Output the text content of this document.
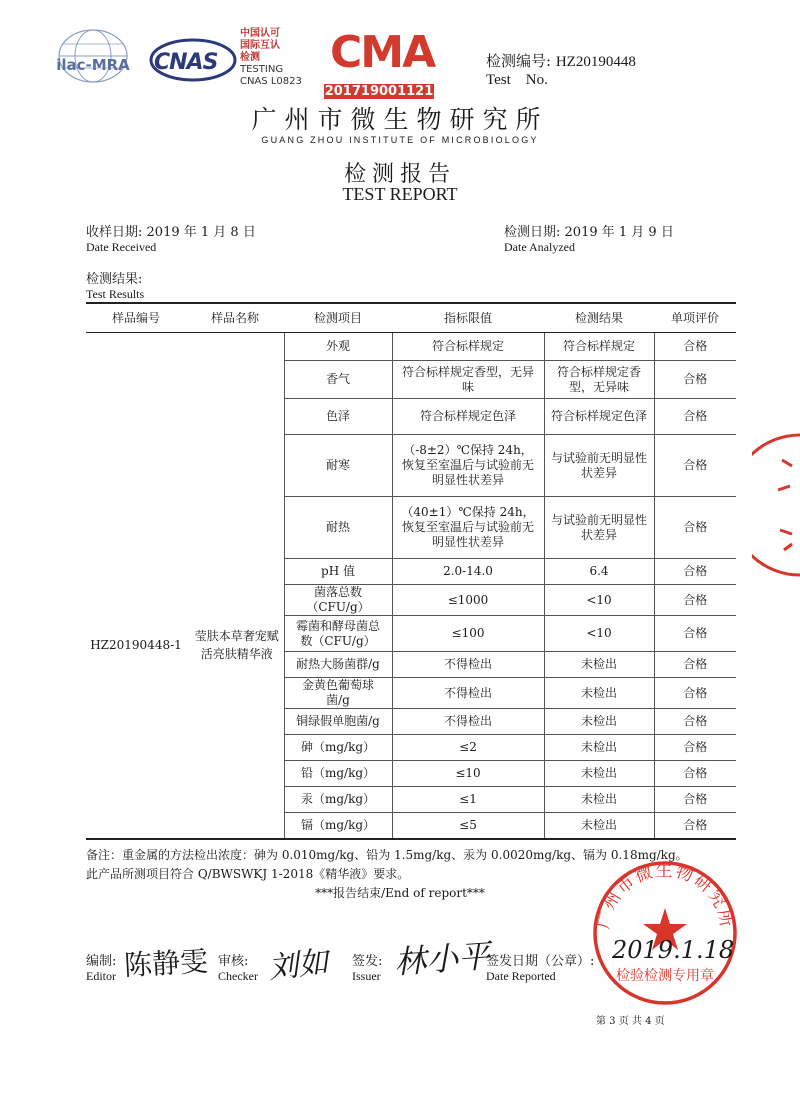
ilac-MRA	CNAS
中国认可
国际互认
检测
TESTING
CNAS L0823
CMA
201719001121
检测编号: HZ20190448
Test    No.
广州市微生物研究所
GUANG ZHOU INSTITUTE OF MICROBIOLOGY
检测报告
TEST REPORT
收样日期: 2019 年 1 月 8 日
Date Received
检测日期: 2019 年 1 月 9 日
Date Analyzed
检测结果:
Test Results
样品编号	样品名称	检测项目	指标限值	检测结果	单项评价
HZ20190448-1	莹肤本草奢宠赋活亮肤精华液	外观	符合标样规定	符合标样规定	合格
		香气	符合标样规定香型，无异味	符合标样规定香型，无异味	合格
		色泽	符合标样规定色泽	符合标样规定色泽	合格
		耐寒	（-8±2）℃保持 24h，恢复至室温后与试验前无明显性状差异	与试验前无明显性状差异	合格
		耐热	（40±1）℃保持 24h，恢复至室温后与试验前无明显性状差异	与试验前无明显性状差异	合格
		pH 值	2.0-14.0	6.4	合格
		菌落总数（CFU/g）	≤1000	<10	合格
		霉菌和酵母菌总数（CFU/g）	≤100	<10	合格
		耐热大肠菌群/g	不得检出	未检出	合格
		金黄色葡萄球菌/g	不得检出	未检出	合格
		铜绿假单胞菌/g	不得检出	未检出	合格
		砷（mg/kg）	≤2	未检出	合格
		铅（mg/kg）	≤10	未检出	合格
		汞（mg/kg）	≤1	未检出	合格
		镉（mg/kg）	≤5	未检出	合格
备注：重金属的方法检出浓度：砷为 0.010mg/kg、铅为 1.5mg/kg、汞为 0.0020mg/kg、镉为 0.18mg/kg。
此产品所测项目符合 Q/BWSWKJ 1-2018《精华液》要求。
***报告结束/End of report***
编制:
Editor 陈静雯 审核:
Checker 刘如 签发:
Issuer 林小平
签发日期（公章）:
Date Reported
广州市微生物研究所
检验检测专用章
2019.1.18
第 3 页 共 4 页
